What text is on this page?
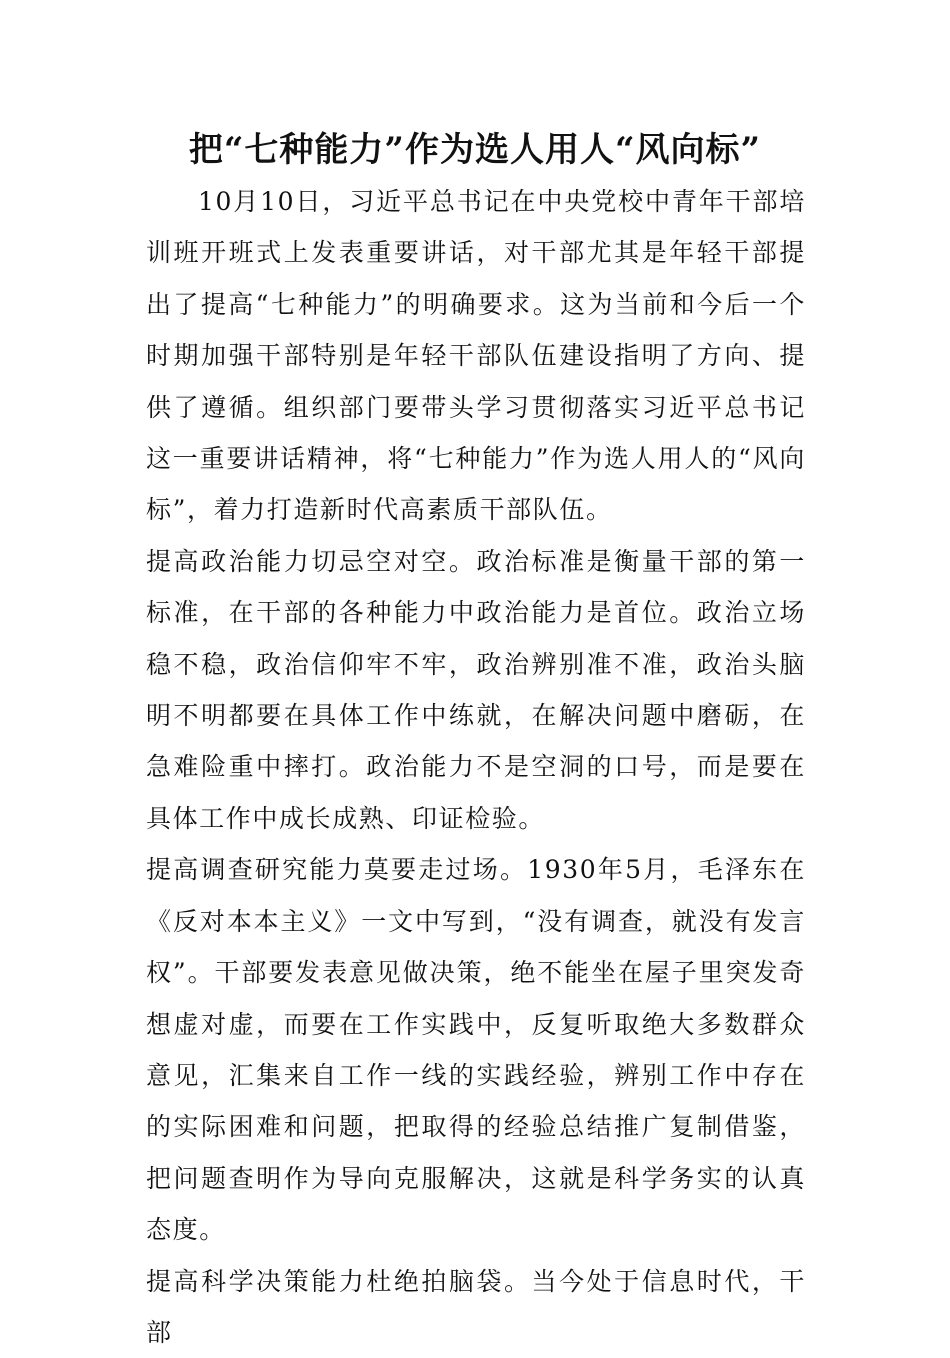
把“七种能力”作为选人用人“风向标”

10月10日，习近平总书记在中央党校中青年干部培训班开班式上发表重要讲话，对干部尤其是年轻干部提出了提高“七种能力”的明确要求。这为当前和今后一个时期加强干部特别是年轻干部队伍建设指明了方向、提供了遵循。组织部门要带头学习贯彻落实习近平总书记这一重要讲话精神，将“七种能力”作为选人用人的“风向标”，着力打造新时代高素质干部队伍。

提高政治能力切忌空对空。政治标准是衡量干部的第一标准，在干部的各种能力中政治能力是首位。政治立场稳不稳，政治信仰牢不牢，政治辨别准不准，政治头脑明不明都要在具体工作中练就，在解决问题中磨砺，在急难险重中摔打。政治能力不是空洞的口号，而是要在具体工作中成长成熟、印证检验。

提高调查研究能力莫要走过场。1930年5月，毛泽东在《反对本本主义》一文中写到，“没有调查，就没有发言权”。干部要发表意见做决策，绝不能坐在屋子里突发奇想虚对虚，而要在工作实践中，反复听取绝大多数群众意见，汇集来自工作一线的实践经验，辨别工作中存在的实际困难和问题，把取得的经验总结推广复制借鉴，把问题查明作为导向克服解决，这就是科学务实的认真态度。

提高科学决策能力杜绝拍脑袋。当今处于信息时代，干部
